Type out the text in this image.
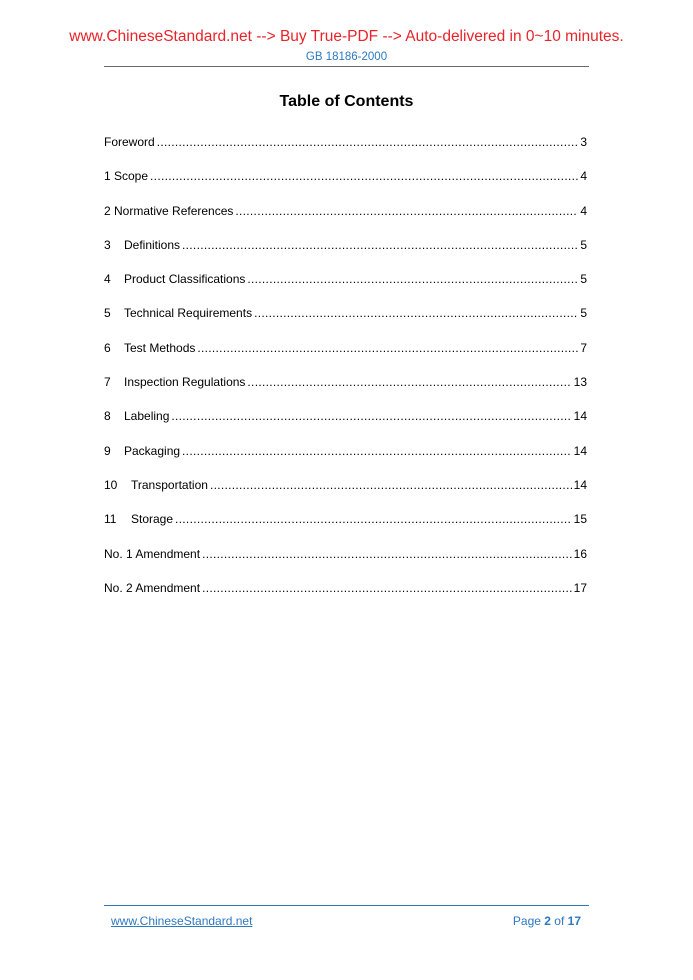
www.ChineseStandard.net --> Buy True-PDF --> Auto-delivered in 0~10 minutes.
GB 18186-2000
Table of Contents
Foreword .....	3
1 Scope .....	4
2 Normative References .....	4
3	Definitions .....	5
4	Product Classifications .....	5
5	Technical Requirements .....	5
6	Test Methods .....	7
7	Inspection Regulations .....	13
8	Labeling .....	14
9	Packaging .....	14
10	Transportation .....	14
11	Storage .....	15
No. 1 Amendment .....	16
No. 2 Amendment .....	17
www.ChineseStandard.net	Page 2 of 17
